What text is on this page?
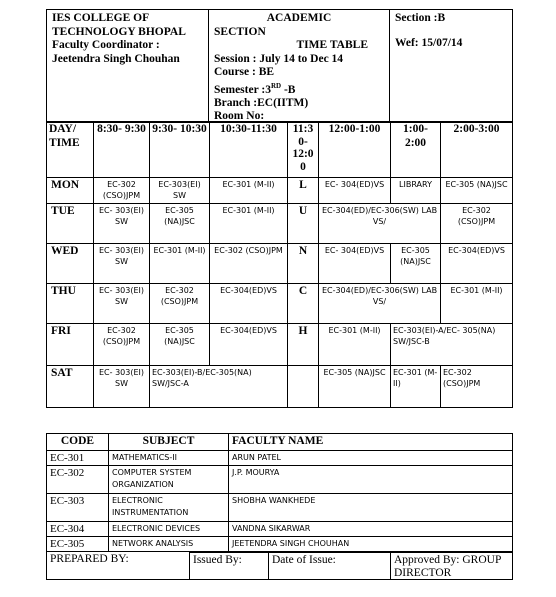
IES COLLEGE OF
TECHNOLOGY BHOPAL
Faculty Coordinator :
Jeetendra Singh Chouhan
ACADEMIC
SECTION
TIME TABLE
Session : July 14 to Dec 14
Course : BE
Semester :3RD -B
Branch :EC(IITM)
Room No:
Section :B
Wef: 15/07/14
DAY/ TIME	8:30- 9:30	9:30- 10:30	10:30-11:30	11:3 0- 12:0 0	12:00-1:00	1:00- 2:00	2:00-3:00
MON	EC-302 (CSO)JPM	EC-303(EI) SW	EC-301 (M-II)	L	EC- 304(ED)VS	LIBRARY	EC-305 (NA)JSC
TUE	EC- 303(EI) SW	EC-305 (NA)JSC	EC-301 (M-II)	U	EC-304(ED)/EC-306(SW) LAB VS/		EC-302 (CSO)JPM
WED	EC- 303(EI) SW	EC-301 (M-II)	EC-302 (CSO)JPM	N	EC- 304(ED)VS	EC-305 (NA)JSC	EC-304(ED)VS
THU	EC- 303(EI) SW	EC-302 (CSO)JPM	EC-304(ED)VS	C	EC-304(ED)/EC-306(SW) LAB VS/		EC-301 (M-II)
FRI	EC-302 (CSO)JPM	EC-305 (NA)JSC	EC-304(ED)VS	H	EC-301 (M-II)	EC-303(EI)-A/EC- 305(NA) SW/JSC-B	
SAT	EC- 303(EI) SW	EC-303(EI)-B/EC-305(NA) SW/JSC-A			EC-305 (NA)JSC	EC-301 (M-II)	EC-302 (CSO)JPM
CODE	SUBJECT	FACULTY NAME
EC-301	MATHEMATICS-II	ARUN PATEL
EC-302	COMPUTER SYSTEM ORGANIZATION	J.P. MOURYA
EC-303	ELECTRONIC INSTRUMENTATION	SHOBHA WANKHEDE
EC-304	ELECTRONIC DEVICES	VANDNA SIKARWAR
EC-305	NETWORK ANALYSIS	JEETENDRA SINGH CHOUHAN
PREPARED BY:	Issued By:	Date of Issue:	Approved By: GROUP DIRECTOR
